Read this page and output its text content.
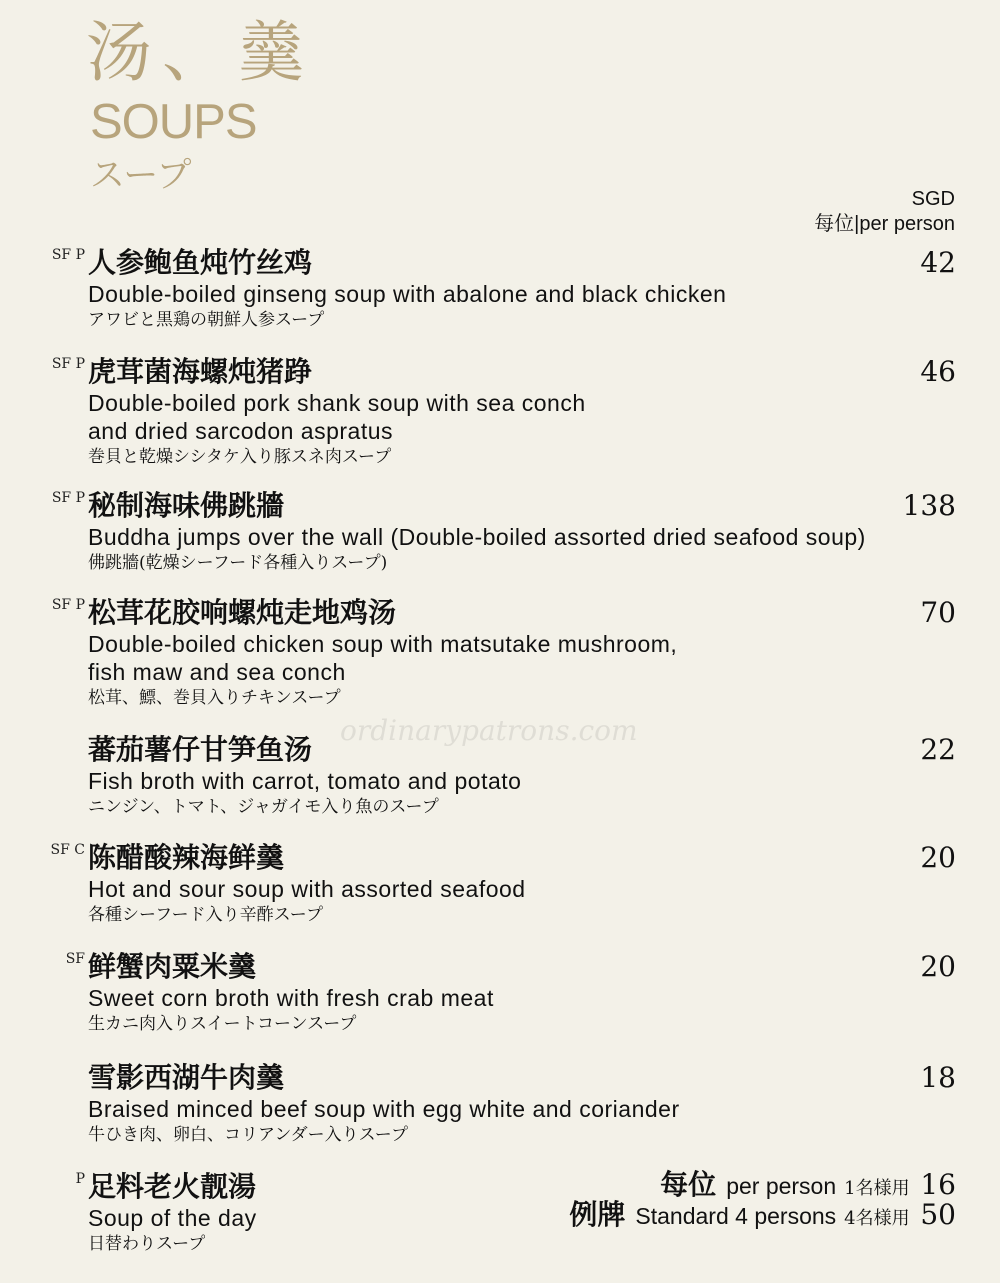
汤、羹
SOUPS
スープ
SGD
每位|per person
SF P 人参鲍鱼炖竹丝鸡
Double-boiled ginseng soup with abalone and black chicken
アワビと黒鶏の朝鮮人参スープ
42
SF P 虎茸菌海螺炖猪踭
Double-boiled pork shank soup with sea conch
and dried sarcodon aspratus
巻貝と乾燥シシタケ入り豚スネ肉スープ
46
SF P 秘制海味佛跳牆
Buddha jumps over the wall (Double-boiled assorted dried seafood soup)
佛跳牆(乾燥シーフード各種入りスープ)
138
SF P 松茸花胶响螺炖走地鸡汤
Double-boiled chicken soup with matsutake mushroom,
fish maw and sea conch
松茸、鰾、巻貝入りチキンスープ
70
蕃茄薯仔甘笋鱼汤
Fish broth with carrot, tomato and potato
ニンジン、トマト、ジャガイモ入り魚のスープ
22
SF C 陈醋酸辣海鲜羹
Hot and sour soup with assorted seafood
各種シーフード入り辛酢スープ
20
SF 鲜蟹肉粟米羹
Sweet corn broth with fresh crab meat
生カニ肉入りスイートコーンスープ
20
雪影西湖牛肉羹
Braised minced beef soup with egg white and coriander
牛ひき肉、卵白、コリアンダー入りスープ
18
P 足料老火靓湯
Soup of the day
日替わりスープ
每位 per person 1名様用 16
例牌 Standard 4 persons 4名様用 50
ordinarypatrons.com
